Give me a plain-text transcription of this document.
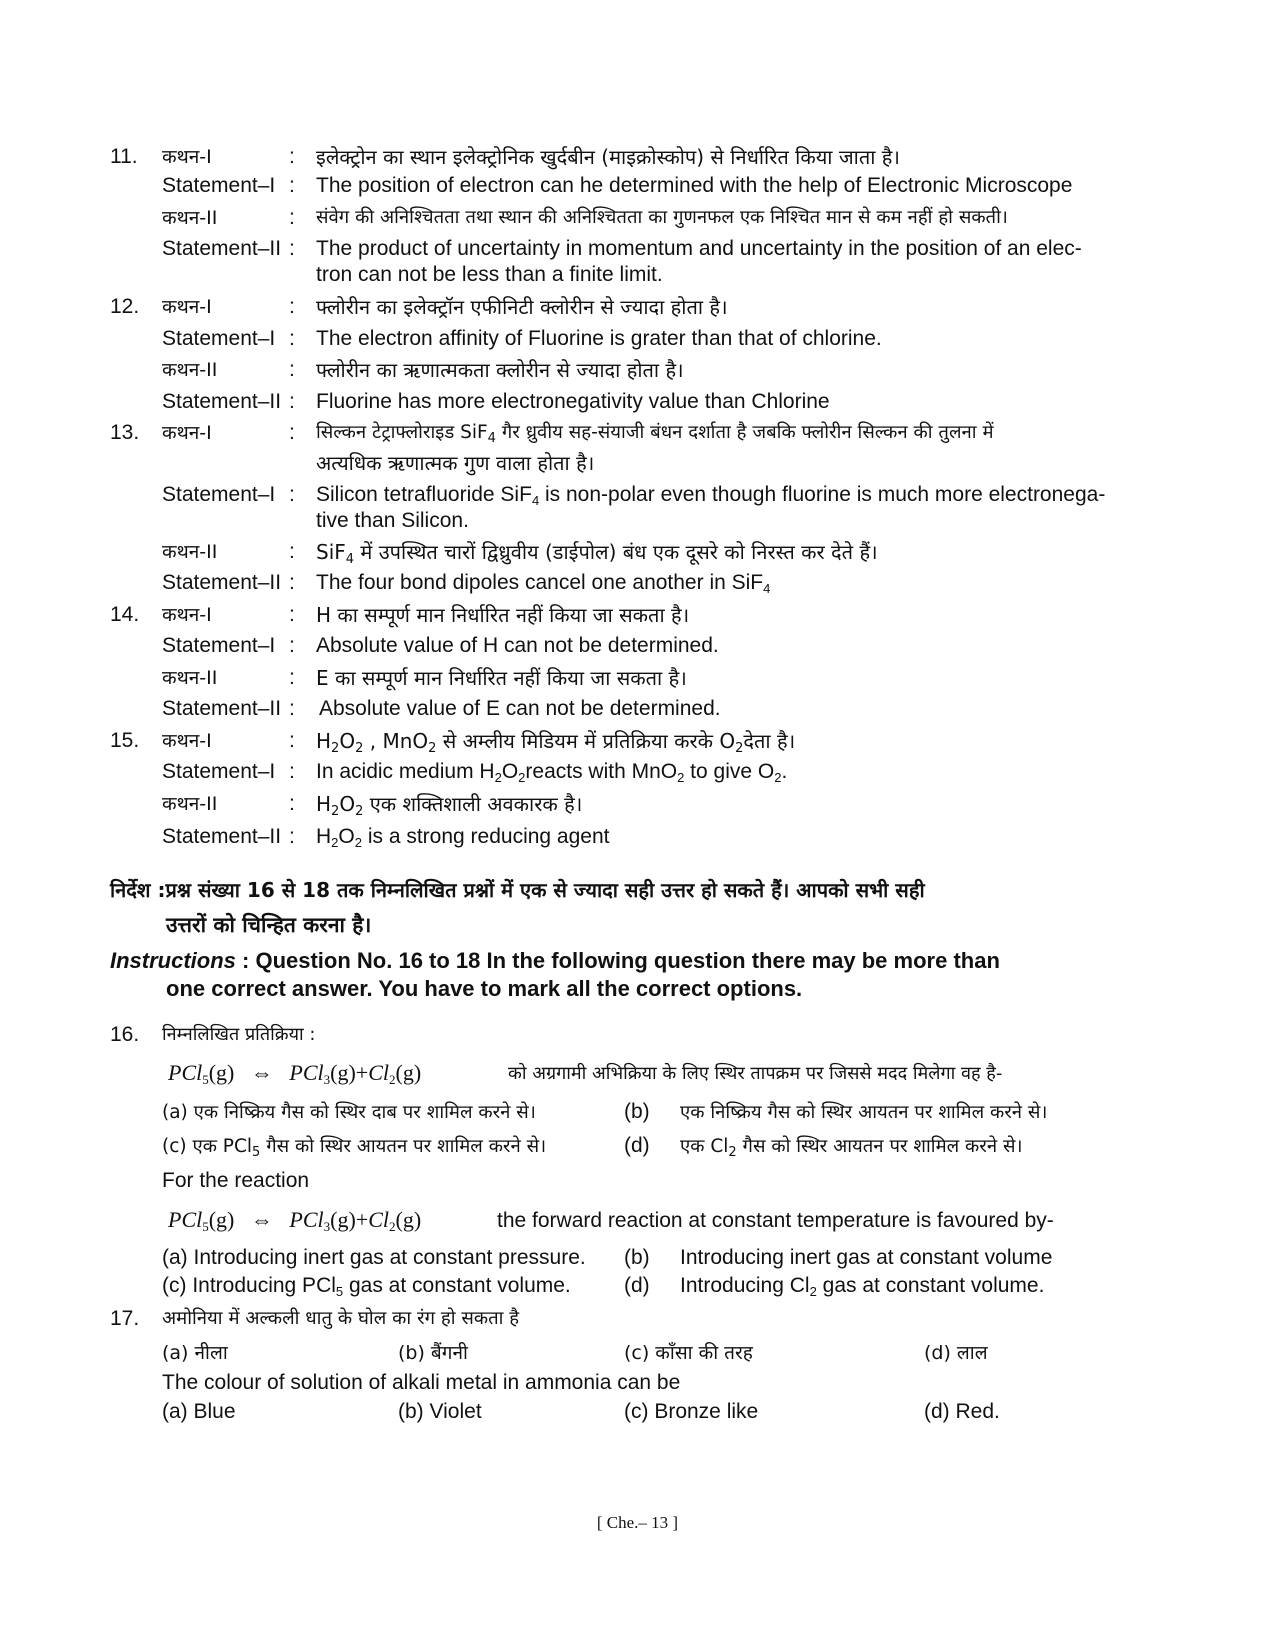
11. कथन-I	: इलेक्ट्रोन का स्थान इलेक्ट्रोनिक खुर्दबीन (माइक्रोस्कोप) से निर्धारित किया जाता है।
Statement–I : The position of electron can he determined with the help of Electronic Microscope
कथन-II	: संवेग की अनिश्चितता तथा स्थान की अनिश्चितता का गुणनफल एक निश्चित मान से कम नहीं हो सकती।
Statement–II : The product of uncertainty in momentum and uncertainty in the position of an elec-
tron can not be less than a finite limit.
12. कथन-I	: फ्लोरीन का इलेक्ट्रॉन एफीनिटी क्लोरीन से ज्यादा होता है।
Statement–I : The electron affinity of Fluorine is grater than that of chlorine.
कथन-II	: फ्लोरीन का ऋणात्मकता क्लोरीन से ज्यादा होता है।
Statement–II : Fluorine has more electronegativity value than Chlorine
13. कथन-I	: सिल्कन टेट्राफ्लोराइड SiF$_4$ गैर ध्रुवीय सह-संयाजी बंधन दर्शाता है जबकि फ्लोरीन सिल्कन की तुलना में
अत्यधिक ऋणात्मक गुण वाला होता है।
Statement–I : Silicon tetrafluoride SiF$_4$ is non-polar even though fluorine is much more electronega-
tive than Silicon.
कथन-II	: SiF$_4$ में उपस्थित चारों द्विध्रुवीय (डाईपोल) बंध एक दूसरे को निरस्त कर देते हैं।
Statement–II : The four bond dipoles cancel one another in SiF$_4$
14. कथन-I	: H का सम्पूर्ण मान निर्धारित नहीं किया जा सकता है।
Statement–I : Absolute value of H can not be determined.
कथन-II	: E का सम्पूर्ण मान निर्धारित नहीं किया जा सकता है।
Statement–II : Absolute value of E can not be determined.
15. कथन-I	: $H_2O_2$ , MnO$_2$ से अम्लीय मिडियम में प्रतिक्रिया करके $O_2देता$ है।
Statement–I : In acidic medium $H_2O_2reacts$ with MnO$_2$ to give $O_2$.
कथन-II	: $H_2O_2$ एक शक्तिशाली अवकारक है।
Statement–II : $H_2O_2$ is a strong reducing agent
निर्देश :प्रश्न संख्या 16 से 18 तक निम्नलिखित प्रश्नों में एक से ज्यादा सही उत्तर हो सकते हैं। आपको सभी सही
उत्तरों को चिन्हित करना है।
Instructions : Question No. 16 to 18 In the following question there may be more than
one correct answer. You have to mark all the correct options.
16. निम्नलिखित प्रतिक्रिया :
PCl$_5$(g) ⇔ $PCl_3(g)+Cl_2(g)$	को अग्रगामी अभिक्रिया के लिए स्थिर तापक्रम पर जिससे मदद मिलेगा वह है-
(a) एक निष्क्रिय गैस को स्थिर दाब पर शामिल करने से।	(b) एक निष्क्रिय गैस को स्थिर आयतन पर शामिल करने से।
(c) एक PCl$_5$ गैस को स्थिर आयतन पर शामिल करने से।	(d) एक $Cl_2$ गैस को स्थिर आयतन पर शामिल करने से।
For the reaction
PCl$_5$(g) ⇔ $PCl_3(g)+Cl_2(g)$	the forward reaction at constant temperature is favoured by-
(a) Introducing inert gas at constant pressure. (b) Introducing inert gas at constant volume
(c) Introducing PCl$_5$ gas at constant volume.	(d) Introducing $Cl_2$ gas at constant volume.
17. अमोनिया में अल्कली धातु के घोल का रंग हो सकता है
(a) नीला	(b) बैंगनी	(c) काँसा की तरह	(d) लाल
The colour of solution of alkali metal in ammonia can be
(a) Blue	(b) Violet	(c) Bronze like	(d) Red.
[ Che.– 13 ]
